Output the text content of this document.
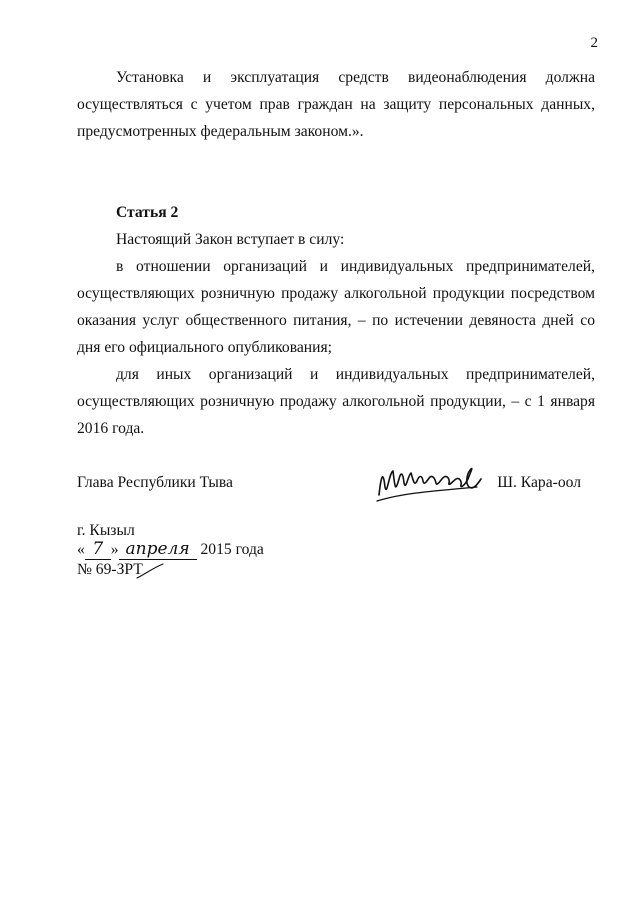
2

Установка и эксплуатация средств видеонаблюдения должна осуществляться с учетом прав граждан на защиту персональных данных, предусмотренных федеральным законом.».

Статья 2

Настоящий Закон вступает в силу:

в отношении организаций и индивидуальных предпринимателей, осуществляющих розничную продажу алкогольной продукции посредством оказания услуг общественного питания, – по истечении девяноста дней со дня его официального опубликования;

для иных организаций и индивидуальных предпринимателей, осуществляющих розничную продажу алкогольной продукции, – с 1 января 2016 года.

Глава Республики Тыва	Ш. Кара-оол
г. Кызыл
« 7 » апреля 2015 года
№ 69-ЗРТ
